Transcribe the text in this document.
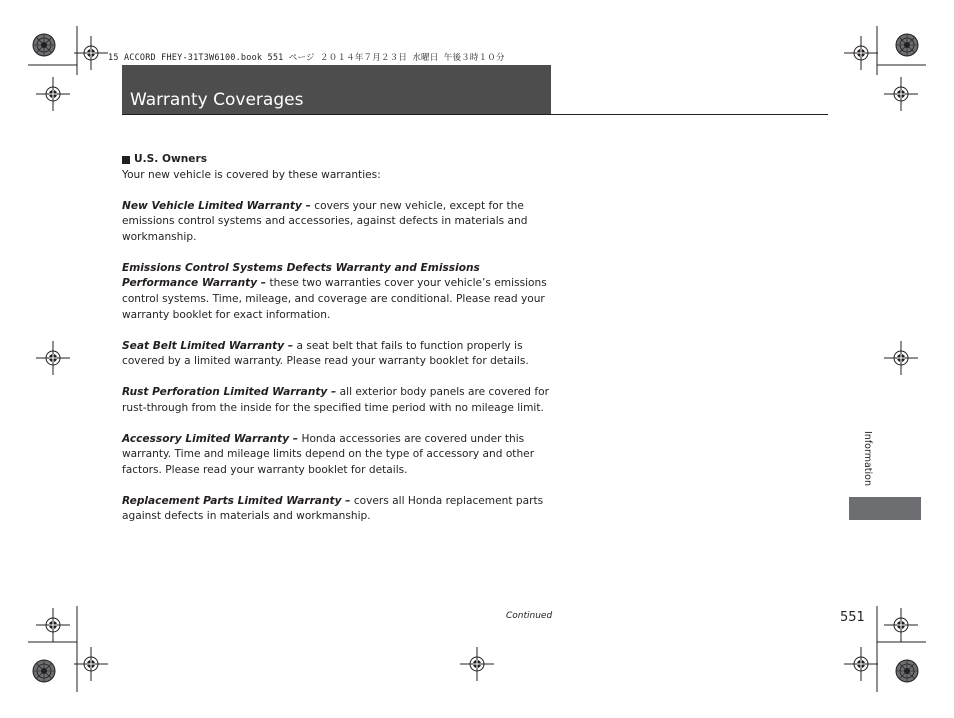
15 ACCORD FHEY-31T3W6100.book 551 ページ ２０１４年７月２３日 水曜日 午後３時１０分
Warranty Coverages
U.S. Owners

Your new vehicle is covered by these warranties:

New Vehicle Limited Warranty – covers your new vehicle, except for the emissions control systems and accessories, against defects in materials and workmanship.

Emissions Control Systems Defects Warranty and Emissions Performance Warranty – these two warranties cover your vehicle’s emissions control systems. Time, mileage, and coverage are conditional. Please read your warranty booklet for exact information.

Seat Belt Limited Warranty – a seat belt that fails to function properly is covered by a limited warranty. Please read your warranty booklet for details.

Rust Perforation Limited Warranty – all exterior body panels are covered for rust-through from the inside for the specified time period with no mileage limit.

Accessory Limited Warranty – Honda accessories are covered under this warranty. Time and mileage limits depend on the type of accessory and other factors. Please read your warranty booklet for details.

Replacement Parts Limited Warranty – covers all Honda replacement parts against defects in materials and workmanship.

Information
Continued	551
